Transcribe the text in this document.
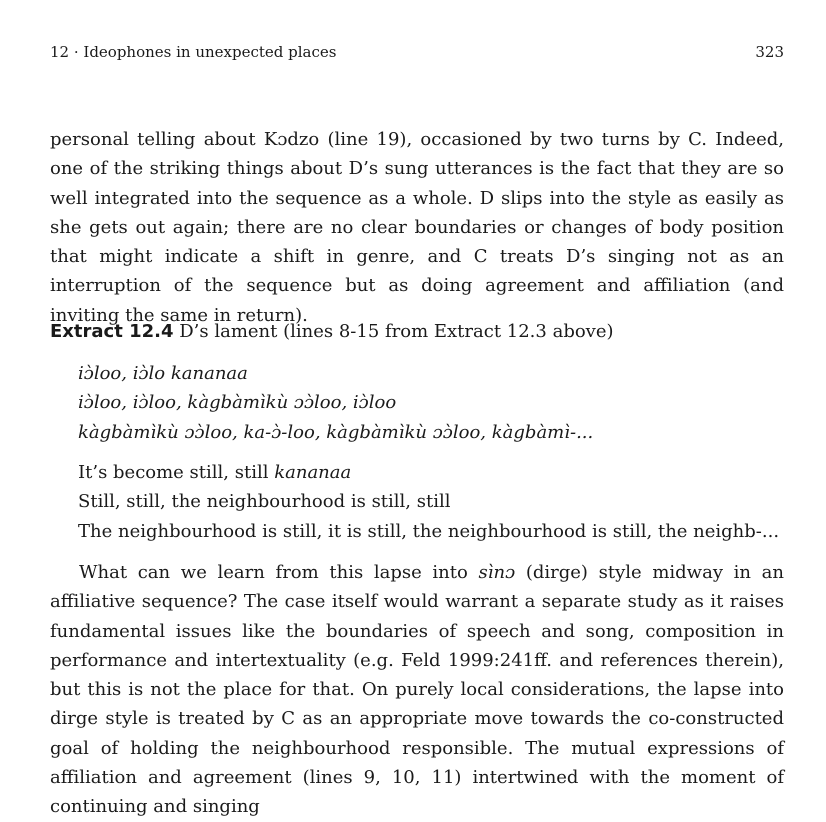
12 · Ideophones in unexpected places	323

personal telling about Kɔdzo (line 19), occasioned by two turns by C. Indeed, one of the striking things about D’s sung utterances is the fact that they are so well integrated into the sequence as a whole. D slips into the style as easily as she gets out again; there are no clear boundaries or changes of body position that might indicate a shift in genre, and C treats D’s singing not as an interruption of the sequence but as doing agreement and affiliation (and inviting the same in return).

Extract 12.4 D’s lament (lines 8-15 from Extract 12.3 above)

iɔ̀loo, iɔ̀lo kananaa
iɔ̀loo, iɔ̀loo, kàgbàmìkù ɔɔ̀loo, iɔ̀loo
kàgbàmìkù ɔɔ̀loo, ka-ɔ̀-loo, kàgbàmìkù ɔɔ̀loo, kàgbàmì-...
It’s become still, still kananaa
Still, still, the neighbourhood is still, still
The neighbourhood is still, it is still, the neighbourhood is still, the neighb-...

What can we learn from this lapse into sìnɔ (dirge) style midway in an affiliative sequence? The case itself would warrant a separate study as it raises fundamental issues like the boundaries of speech and song, composition in performance and intertextuality (e.g. Feld 1999:241ff. and references therein), but this is not the place for that. On purely local considerations, the lapse into dirge style is treated by C as an appropriate move towards the co-constructed goal of holding the neighbourhood responsible. The mutual expressions of affiliation and agreement (lines 9, 10, 11) intertwined with the moment of continuing and singing
